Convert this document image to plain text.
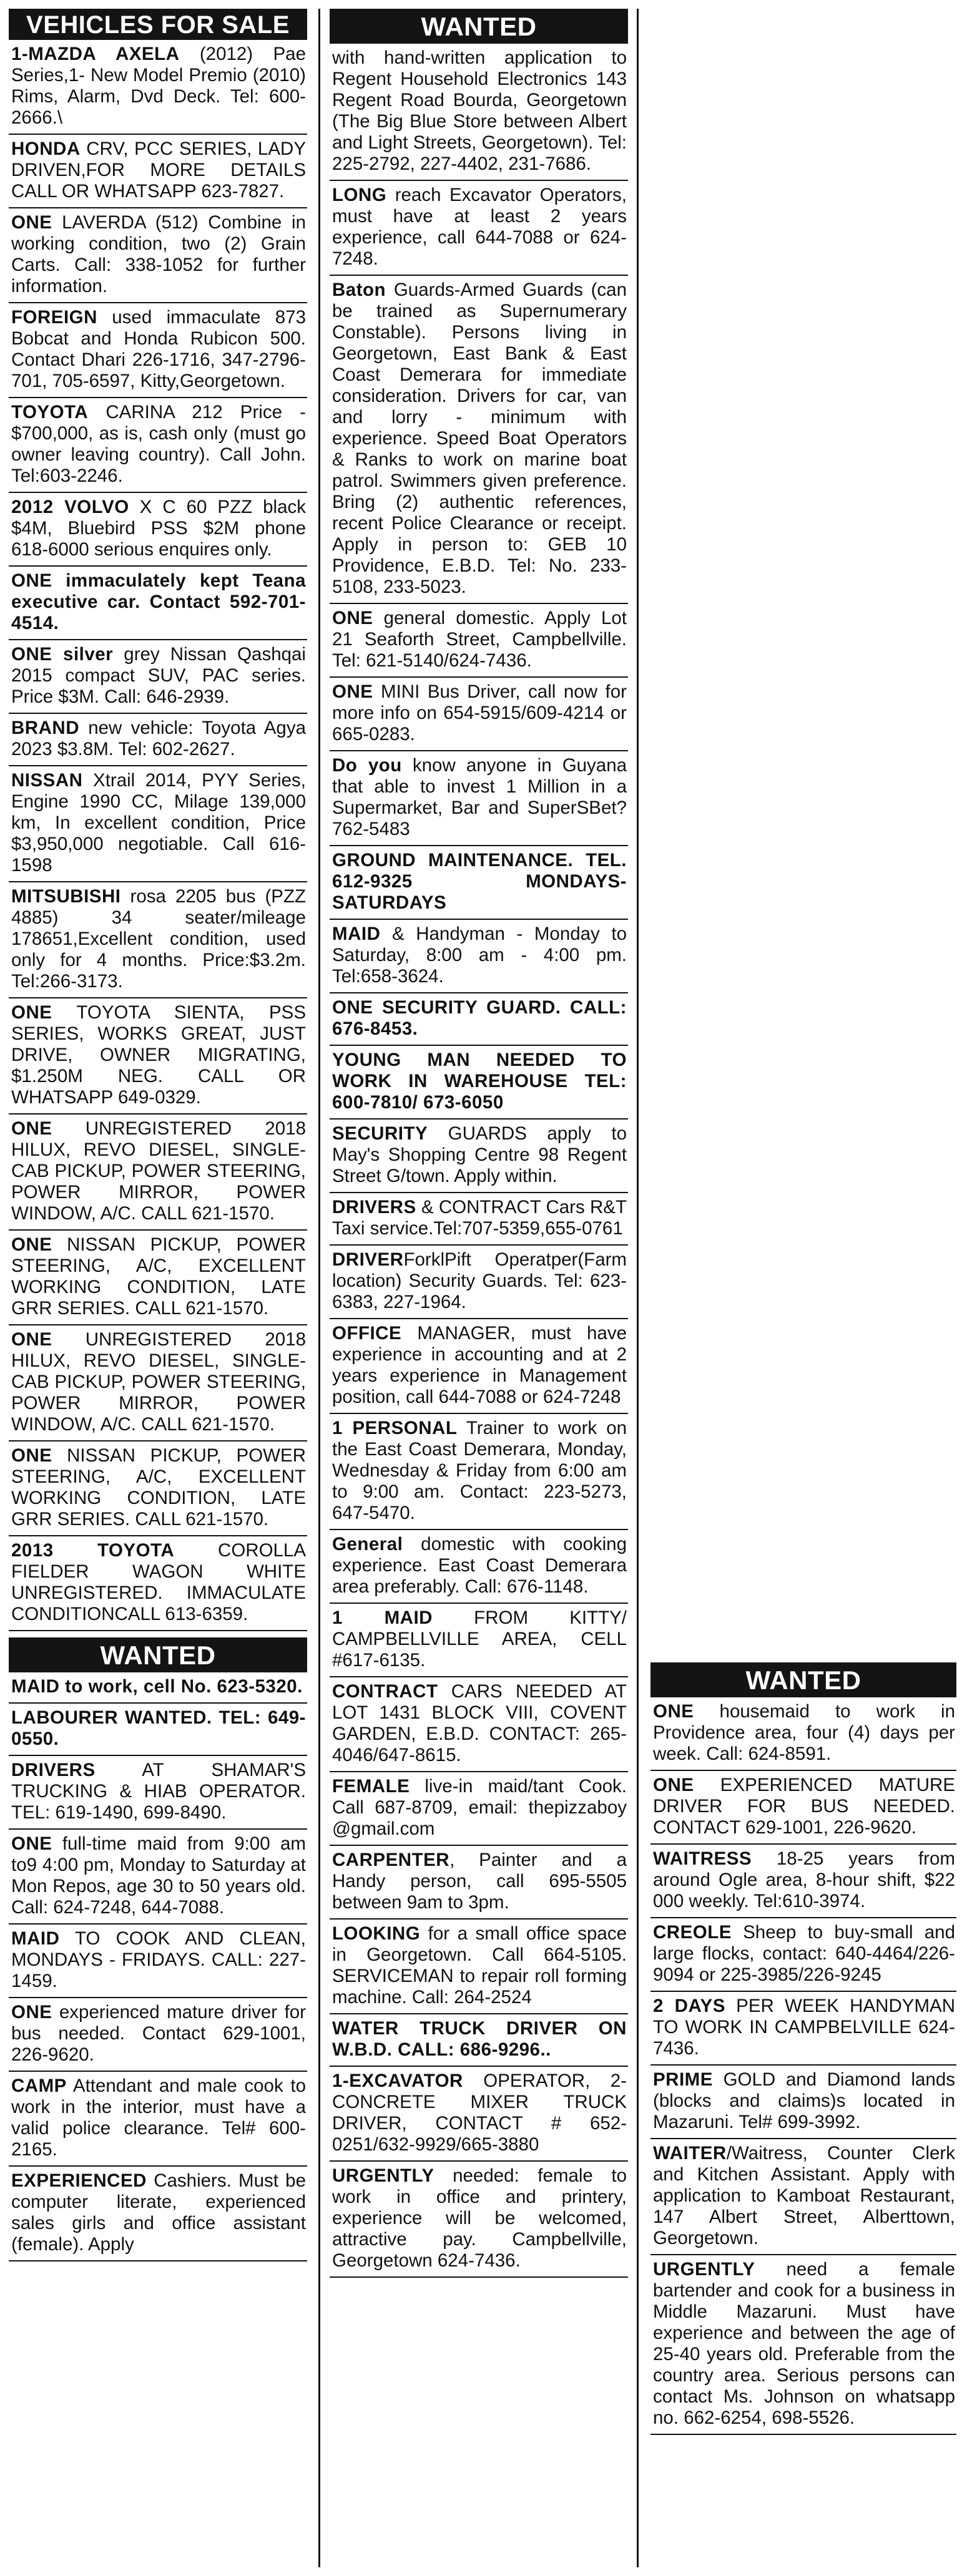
VEHICLES FOR SALE
1-MAZDA AXELA (2012) Pae Series,1- New Model Premio (2010) Rims, Alarm, Dvd Deck. Tel: 600-2666.\
HONDA CRV, PCC SERIES, LADY DRIVEN,FOR MORE DETAILS CALL OR WHATSAPP 623-7827.
ONE LAVERDA (512) Combine in working condition, two (2) Grain Carts. Call: 338-1052 for further information.
FOREIGN used immaculate 873 Bobcat and Honda Rubicon 500. Contact Dhari 226-1716, 347-2796-701, 705-6597, Kitty,Georgetown.
TOYOTA CARINA 212 Price - $700,000, as is, cash only (must go owner leaving country). Call John. Tel:603-2246.
2012 VOLVO X C 60 PZZ black $4M, Bluebird PSS $2M phone 618-6000 serious enquires only.
ONE immaculately kept Teana executive car. Contact 592-701-4514.
ONE silver grey Nissan Qashqai 2015 compact SUV, PAC series. Price $3M. Call: 646-2939.
BRAND new vehicle: Toyota Agya 2023 $3.8M. Tel: 602-2627.
NISSAN Xtrail 2014, PYY Series, Engine 1990 CC, Milage 139,000 km, In excellent condition, Price $3,950,000 negotiable. Call 616-1598
MITSUBISHI rosa 2205 bus (PZZ 4885) 34 seater/mileage 178651,Excellent condition, used only for 4 months. Price:$3.2m. Tel:266-3173.
ONE TOYOTA SIENTA, PSS SERIES, WORKS GREAT, JUST DRIVE, OWNER MIGRATING, $1.250M NEG. CALL OR WHATSAPP 649-0329.
ONE UNREGISTERED 2018 HILUX, REVO DIESEL, SINGLE-CAB PICKUP, POWER STEERING, POWER MIRROR, POWER WINDOW, A/C. CALL 621-1570.
ONE NISSAN PICKUP, POWER STEERING, A/C, EXCELLENT WORKING CONDITION, LATE GRR SERIES. CALL 621-1570.
ONE UNREGISTERED 2018 HILUX, REVO DIESEL, SINGLE-CAB PICKUP, POWER STEERING, POWER MIRROR, POWER WINDOW, A/C. CALL 621-1570.
ONE NISSAN PICKUP, POWER STEERING, A/C, EXCELLENT WORKING CONDITION, LATE GRR SERIES. CALL 621-1570.
2013 TOYOTA COROLLA FIELDER WAGON WHITE UNREGISTERED. IMMACULATE CONDITIONCALL 613-6359.
WANTED
MAID to work, cell No. 623-5320.
LABOURER WANTED. TEL: 649-0550.
DRIVERS AT SHAMAR'S TRUCKING & HIAB OPERATOR. TEL: 619-1490, 699-8490.
ONE full-time maid from 9:00 am to9 4:00 pm, Monday to Saturday at Mon Repos, age 30 to 50 years old. Call: 624-7248, 644-7088.
MAID TO COOK AND CLEAN, MONDAYS - FRIDAYS. CALL: 227-1459.
ONE experienced mature driver for bus needed. Contact 629-1001, 226-9620.
CAMP Attendant and male cook to work in the interior, must have a valid police clearance. Tel# 600-2165.
EXPERIENCED Cashiers. Must be computer literate, experienced sales girls and office assistant (female). Apply
WANTED
with hand-written application to Regent Household Electronics 143 Regent Road Bourda, Georgetown (The Big Blue Store between Albert and Light Streets, Georgetown). Tel: 225-2792, 227-4402, 231-7686.
LONG reach Excavator Operators, must have at least 2 years experience, call 644-7088 or 624-7248.
Baton Guards-Armed Guards (can be trained as Supernumerary Constable). Persons living in Georgetown, East Bank & East Coast Demerara for immediate consideration. Drivers for car, van and lorry - minimum with experience. Speed Boat Operators & Ranks to work on marine boat patrol. Swimmers given preference. Bring (2) authentic references, recent Police Clearance or receipt. Apply in person to: GEB 10 Providence, E.B.D. Tel: No. 233-5108, 233-5023.
ONE general domestic. Apply Lot 21 Seaforth Street, Campbellville. Tel: 621-5140/624-7436.
ONE MINI Bus Driver, call now for more info on 654-5915/609-4214 or 665-0283.
Do you know anyone in Guyana that able to invest 1 Million in a Supermarket, Bar and SuperSBet? 762-5483
GROUND MAINTENANCE. TEL. 612-9325 MONDAYS-SATURDAYS
MAID & Handyman - Monday to Saturday, 8:00 am - 4:00 pm. Tel:658-3624.
ONE SECURITY GUARD. CALL: 676-8453.
YOUNG MAN NEEDED TO WORK IN WAREHOUSE TEL: 600-7810/ 673-6050
SECURITY GUARDS apply to May's Shopping Centre 98 Regent Street G/town. Apply within.
DRIVERS & CONTRACT Cars R&T Taxi service.Tel:707-5359,655-0761
DRIVERForklPift Operatper(Farm location) Security Guards. Tel: 623-6383, 227-1964.
OFFICE MANAGER, must have experience in accounting and at 2 years experience in Management position, call 644-7088 or 624-7248
1 PERSONAL Trainer to work on the East Coast Demerara, Monday, Wednesday & Friday from 6:00 am to 9:00 am. Contact: 223-5273, 647-5470.
General domestic with cooking experience. East Coast Demerara area preferably. Call: 676-1148.
1 MAID FROM KITTY/ CAMPBELLVILLE AREA, CELL #617-6135.
CONTRACT CARS NEEDED AT LOT 1431 BLOCK VIII, COVENT GARDEN, E.B.D. CONTACT: 265-4046/647-8615.
FEMALE live-in maid/tant Cook. Call 687-8709, email: thepizzaboy @gmail.com
CARPENTER, Painter and a Handy person, call 695-5505 between 9am to 3pm.
LOOKING for a small office space in Georgetown. Call 664-5105. SERVICEMAN to repair roll forming machine. Call: 264-2524
WATER TRUCK DRIVER ON W.B.D. CALL: 686-9296..
1-EXCAVATOR OPERATOR, 2- CONCRETE MIXER TRUCK DRIVER, CONTACT # 652-0251/632-9929/665-3880
URGENTLY needed: female to work in office and printery, experience will be welcomed, attractive pay. Campbellville, Georgetown 624-7436.
WANTED
ONE housemaid to work in Providence area, four (4) days per week. Call: 624-8591.
ONE EXPERIENCED MATURE DRIVER FOR BUS NEEDED. CONTACT 629-1001, 226-9620.
WAITRESS 18-25 years from around Ogle area, 8-hour shift, $22 000 weekly. Tel:610-3974.
CREOLE Sheep to buy-small and large flocks, contact: 640-4464/226-9094 or 225-3985/226-9245
2 DAYS PER WEEK HANDYMAN TO WORK IN CAMPBELVILLE 624-7436.
PRIME GOLD and Diamond lands (blocks and claims)s located in Mazaruni. Tel# 699-3992.
WAITER/Waitress, Counter Clerk and Kitchen Assistant. Apply with application to Kamboat Restaurant, 147 Albert Street, Alberttown, Georgetown.
URGENTLY need a female bartender and cook for a business in Middle Mazaruni. Must have experience and between the age of 25-40 years old. Preferable from the country area. Serious persons can contact Ms. Johnson on whatsapp no. 662-6254, 698-5526.
